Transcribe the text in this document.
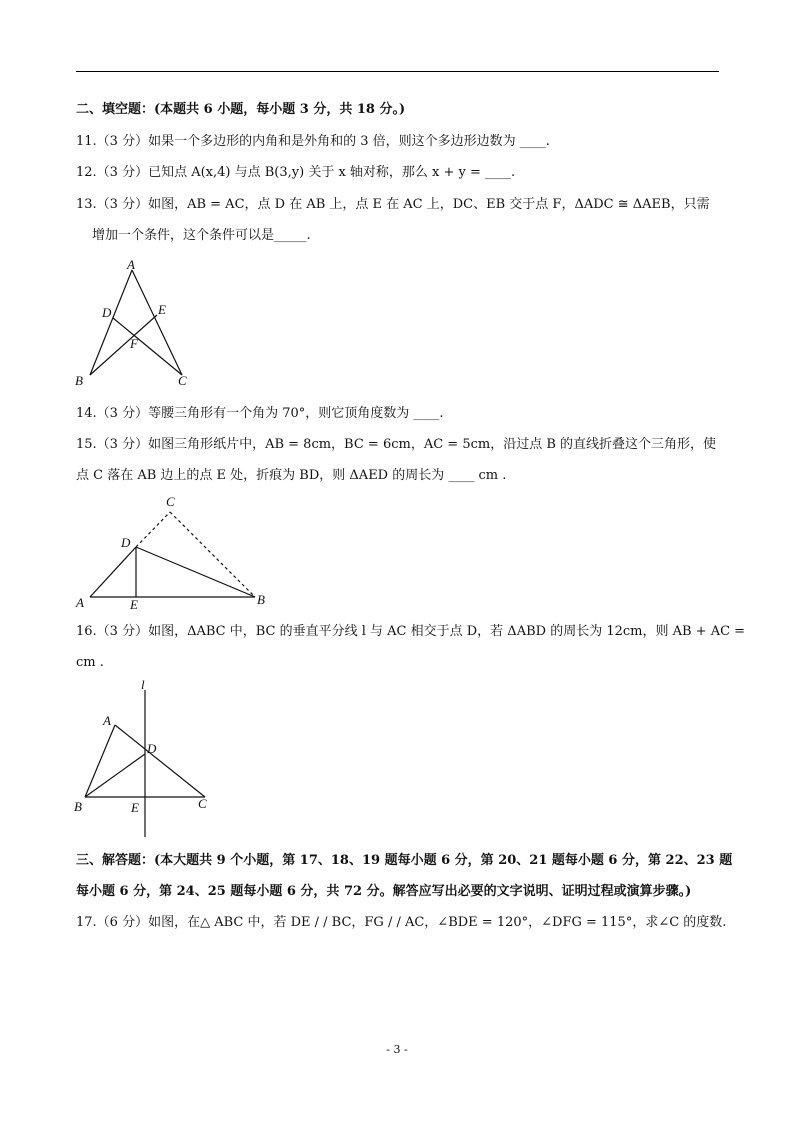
二、填空题：(本题共 6 小题，每小题 3 分，共 18 分。)
11.（3 分）如果一个多边形的内角和是外角和的 3 倍，则这个多边形边数为 ____.
12.（3 分）已知点 A(x,4) 与点 B(3,y) 关于 x 轴对称，那么 x + y = ____.
13.（3 分）如图，AB = AC，点 D 在 AB 上，点 E 在 AC 上，DC、EB 交于点 F，ΔADC ≅ ΔAEB，只需
增加一个条件，这个条件可以是_____.
A
D	E
F
B	C
14.（3 分）等腰三角形有一个角为 70°，则它顶角度数为 ____.
15.（3 分）如图三角形纸片中，AB = 8cm，BC = 6cm，AC = 5cm，沿过点 B 的直线折叠这个三角形，使
点 C 落在 AB 边上的点 E 处，折痕为 BD，则 ΔAED 的周长为 ____ cm .
C
D
A	E	B
16.（3 分）如图，ΔABC 中，BC 的垂直平分线 l 与 AC 相交于点 D，若 ΔABD 的周长为 12cm，则 AB + AC =
cm .
l
A
D
B	E	C
三、解答题：(本大题共 9 个小题，第 17、18、19 题每小题 6 分，第 20、21 题每小题 6 分，第 22、23 题
每小题 6 分，第 24、25 题每小题 6 分，共 72 分。解答应写出必要的文字说明、证明过程或演算步骤。)
17.（6 分）如图，在△ ABC 中，若 DE / / BC，FG / / AC，∠BDE = 120°，∠DFG = 115°，求∠C 的度数.
- 3 -
